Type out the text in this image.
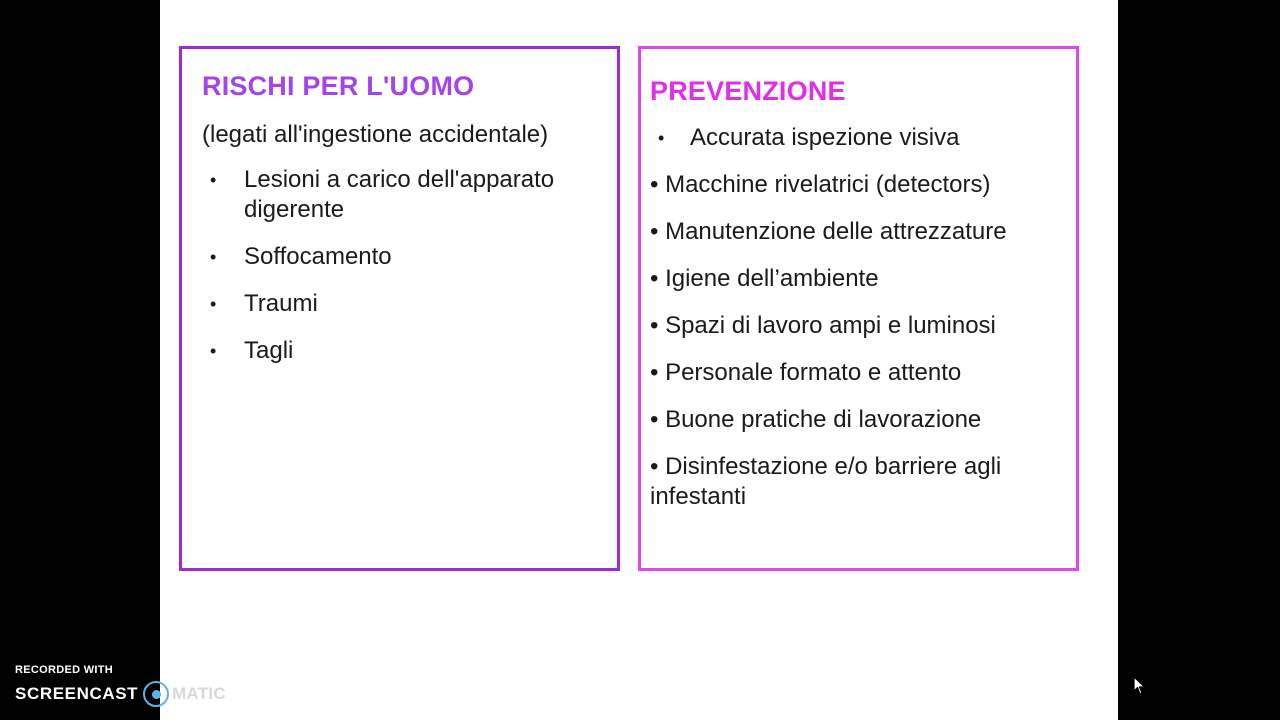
RISCHI PER L'UOMO
(legati all'ingestione accidentale)
• Lesioni a carico dell'apparato digerente
• Soffocamento
• Traumi
• Tagli
PREVENZIONE
• Accurata ispezione visiva
• Macchine rivelatrici (detectors)
• Manutenzione delle attrezzature
• Igiene dell’ambiente
• Spazi di lavoro ampi e luminosi
• Personale formato e attento
• Buone pratiche di lavorazione
• Disinfestazione e/o barriere agli infestanti
RECORDED WITH
SCREENCAST MATIC
